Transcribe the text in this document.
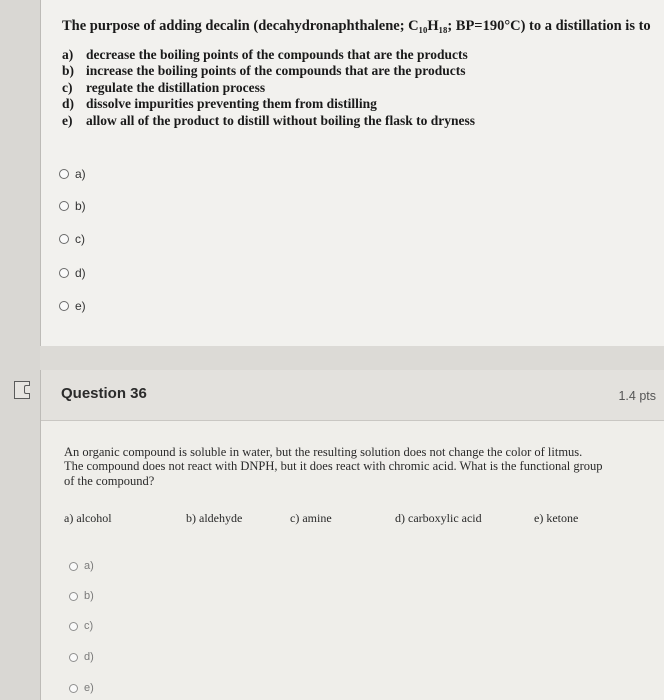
The purpose of adding decalin (decahydronaphthalene; C₁₀H₁₈; BP=190°C) to a distillation is to
a) decrease the boiling points of the compounds that are the products
b) increase the boiling points of the compounds that are the products
c) regulate the distillation process
d) dissolve impurities preventing them from distilling
e) allow all of the product to distill without boiling the flask to dryness
a)
b)
c)
d)
e)
Question 36	1.4 pts
An organic compound is soluble in water, but the resulting solution does not change the color of litmus. The compound does not react with DNPH, but it does react with chromic acid. What is the functional group of the compound?
a) alcohol	b) aldehyde	c) amine	d) carboxylic acid	e) ketone
a)
b)
c)
d)
e)
